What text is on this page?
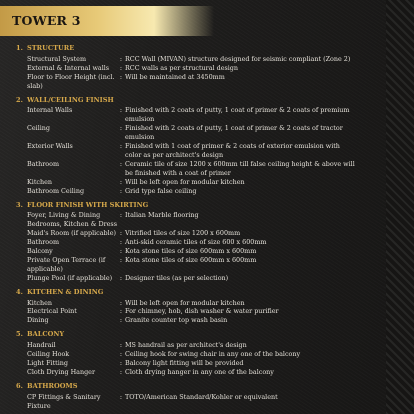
TOWER 3
1. STRUCTURE
Structural System	: RCC Wall (MIVAN) structure designed for seismic compliant (Zone 2)
External & Internal walls	: RCC walls as per structural design
Floor to Floor Height (incl. slab)
: Will be maintained at 3450mm
2. WALL/CEILING FINISH
Internal Walls	: Finished with 2 coats of putty, 1 coat of primer & 2 coats of premium emulsion
Ceiling	: Finished with 2 coats of putty, 1 coat of primer & 2 coats of tractor emulsion
Exterior Walls	: Finished with 1 coat of primer & 2 coats of exterior emulsion with color as per architect's design
Bathroom	: Ceramic tile of size 1200 x 600mm till false ceiling height & above will be finished with a coat of primer
Kitchen	: Will be left open for modular kitchen
Bathroom Ceiling	: Grid type false ceiling
3. FLOOR FINISH WITH SKIRTING
Foyer, Living & Dining	: Italian Marble flooring
Bedrooms, Kitchen & Dress
Maid's Room (if applicable) : Vitrified tiles of size 1200 x 600mm
Bathroom	: Anti-skid ceramic tiles of size 600 x 600mm
Balcony	: Kota stone tiles of size 600mm x 600mm
Private Open Terrace (if applicable)
: Kota stone tiles of size 600mm x 600mm
Plunge Pool (if applicable)	: Designer tiles (as per selection)
4. KITCHEN & DINING
Kitchen	: Will be left open for modular kitchen
Electrical Point	: For chimney, hob, dish washer & water purifier
Dining	: Granite counter top wash basin
5. BALCONY
Handrail	: MS handrail as per architect's design
Ceiling Hook	: Ceiling hook for swing chair in any one of the balcony
Light Fitting	: Balcony light fitting will be provided
Cloth Drying Hanger	: Cloth drying hanger in any one of the balcony
6. BATHROOMS
CP Fittings & Sanitary Fixture
: TOTO/American Standard/Kohler or equivalent
